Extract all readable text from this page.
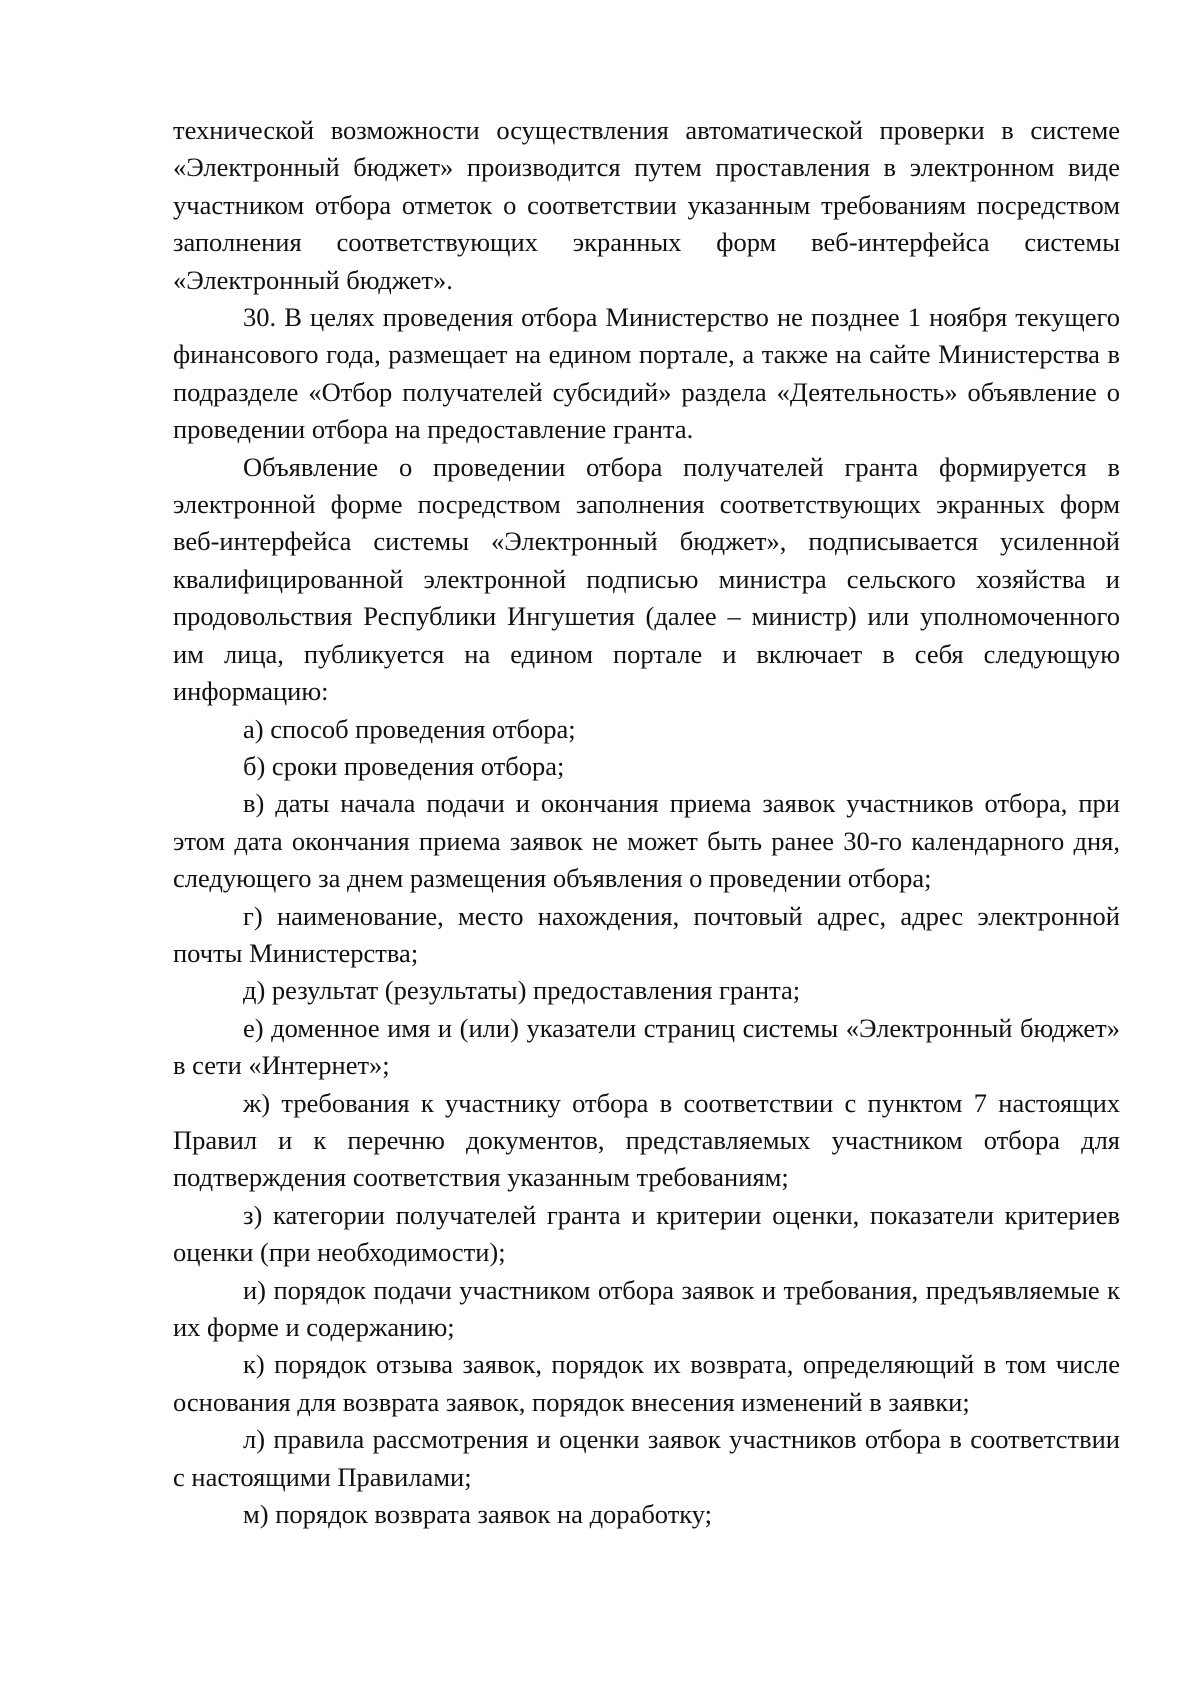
технической возможности осуществления автоматической проверки в системе «Электронный бюджет» производится путем проставления в электронном виде участником отбора отметок о соответствии указанным требованиям посредством заполнения соответствующих экранных форм веб-интерфейса системы «Электронный бюджет».

30. В целях проведения отбора Министерство не позднее 1 ноября текущего финансового года, размещает на едином портале, а также на сайте Министерства в подразделе «Отбор получателей субсидий» раздела «Деятельность» объявление о проведении отбора на предоставление гранта.

Объявление о проведении отбора получателей гранта формируется в электронной форме посредством заполнения соответствующих экранных форм веб-интерфейса системы «Электронный бюджет», подписывается усиленной квалифицированной электронной подписью министра сельского хозяйства и продовольствия Республики Ингушетия (далее – министр) или уполномоченного им лица, публикуется на едином портале и включает в себя следующую информацию:

а) способ проведения отбора;

б) сроки проведения отбора;

в) даты начала подачи и окончания приема заявок участников отбора, при этом дата окончания приема заявок не может быть ранее 30-го календарного дня, следующего за днем размещения объявления о проведении отбора;

г) наименование, место нахождения, почтовый адрес, адрес электронной почты Министерства;

д) результат (результаты) предоставления гранта;

е) доменное имя и (или) указатели страниц системы «Электронный бюджет» в сети «Интернет»;

ж) требования к участнику отбора в соответствии с пунктом 7 настоящих Правил и к перечню документов, представляемых участником отбора для подтверждения соответствия указанным требованиям;

з) категории получателей гранта и критерии оценки, показатели критериев оценки (при необходимости);

и) порядок подачи участником отбора заявок и требования, предъявляемые к их форме и содержанию;

к) порядок отзыва заявок, порядок их возврата, определяющий в том числе основания для возврата заявок, порядок внесения изменений в заявки;

л) правила рассмотрения и оценки заявок участников отбора в соответствии с настоящими Правилами;

м) порядок возврата заявок на доработку;
